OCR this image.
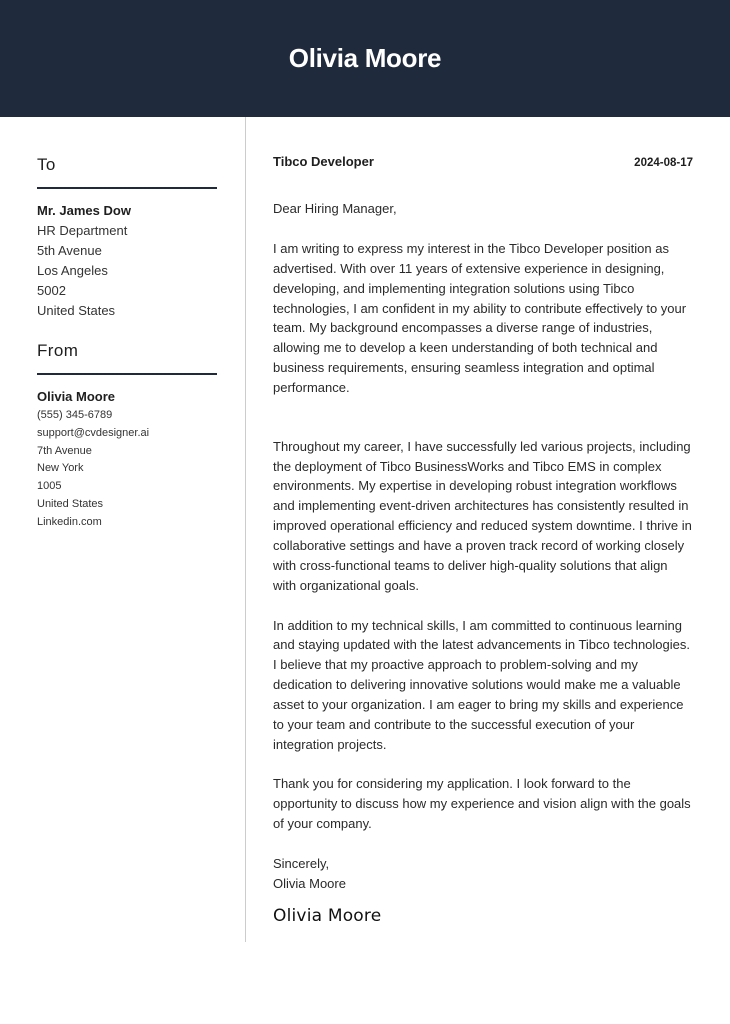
Olivia Moore
To
Mr. James Dow
HR Department
5th Avenue
Los Angeles
5002
United States
From
Olivia Moore
(555) 345-6789
support@cvdesigner.ai
7th Avenue
New York
1005
United States
Linkedin.com
Tibco Developer	2024-08-17
Dear Hiring Manager,
I am writing to express my interest in the Tibco Developer position as advertised. With over 11 years of extensive experience in designing, developing, and implementing integration solutions using Tibco technologies, I am confident in my ability to contribute effectively to your team. My background encompasses a diverse range of industries, allowing me to develop a keen understanding of both technical and business requirements, ensuring seamless integration and optimal performance.
Throughout my career, I have successfully led various projects, including the deployment of Tibco BusinessWorks and Tibco EMS in complex environments. My expertise in developing robust integration workflows and implementing event-driven architectures has consistently resulted in improved operational efficiency and reduced system downtime. I thrive in collaborative settings and have a proven track record of working closely with cross-functional teams to deliver high-quality solutions that align with organizational goals.
In addition to my technical skills, I am committed to continuous learning and staying updated with the latest advancements in Tibco technologies. I believe that my proactive approach to problem-solving and my dedication to delivering innovative solutions would make me a valuable asset to your organization. I am eager to bring my skills and experience to your team and contribute to the successful execution of your integration projects.
Thank you for considering my application. I look forward to the opportunity to discuss how my experience and vision align with the goals of your company.
Sincerely,
Olivia Moore
Olivia Moore
